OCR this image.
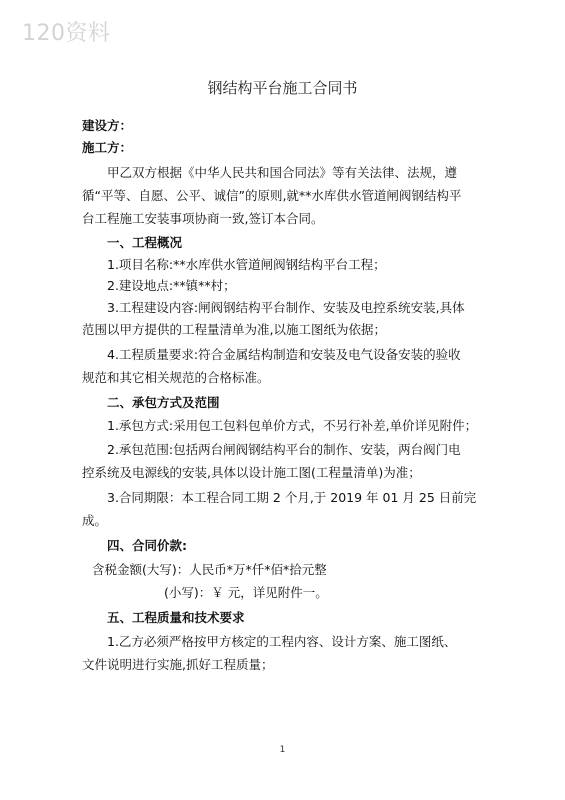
120资料
钢结构平台施工合同书
建设方：
施工方：
甲乙双方根据《中华人民共和国合同法》等有关法律、法规，遵
循“平等、自愿、公平、诚信”的原则,就**水库供水管道闸阀钢结构平
台工程施工安装事项协商一致,签订本合同。
一、工程概况
1.项目名称:**水库供水管道闸阀钢结构平台工程；
2.建设地点:**镇**村；
3.工程建设内容:闸阀钢结构平台制作、安装及电控系统安装,具体
范围以甲方提供的工程量清单为准,以施工图纸为依据；
4.工程质量要求:符合金属结构制造和安装及电气设备安装的验收
规范和其它相关规范的合格标准。
二、承包方式及范围
1.承包方式:采用包工包料包单价方式，不另行补差,单价详见附件；
2.承包范围:包括两台闸阀钢结构平台的制作、安装，两台阀门电
控系统及电源线的安装,具体以设计施工图(工程量清单)为准；
3.合同期限：本工程合同工期 2 个月,于 2019 年 01 月 25 日前完
成。
四、合同价款:
含税金额(大写)：人民币*万*仟*佰*拾元整
(小写)：￥ 元，详见附件一。
五、工程质量和技术要求
1.乙方必须严格按甲方核定的工程内容、设计方案、施工图纸、
文件说明进行实施,抓好工程质量；
1
